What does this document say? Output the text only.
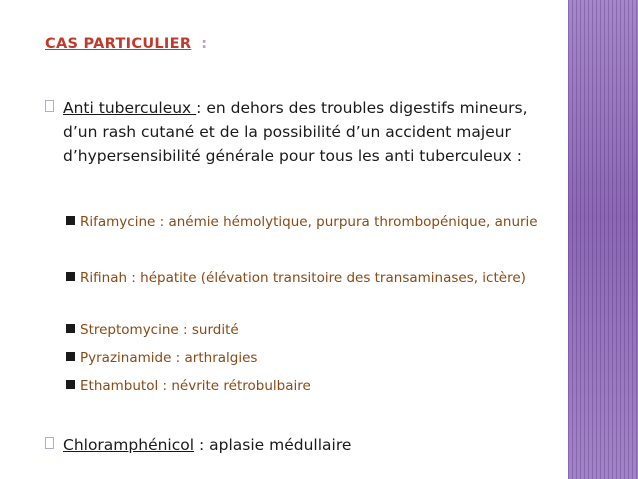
CAS PARTICULIER :
Anti tuberculeux : en dehors des troubles digestifs mineurs, d’un rash cutané et de la possibilité d’un accident majeur d’hypersensibilité générale pour tous les anti tuberculeux :
Rifamycine : anémie hémolytique, purpura thrombopénique, anurie
Rifinah : hépatite (élévation transitoire des transaminases, ictère)
Streptomycine : surdité
Pyrazinamide : arthralgies
Ethambutol : névrite rétrobulbaire
Chloramphénicol : aplasie médullaire
